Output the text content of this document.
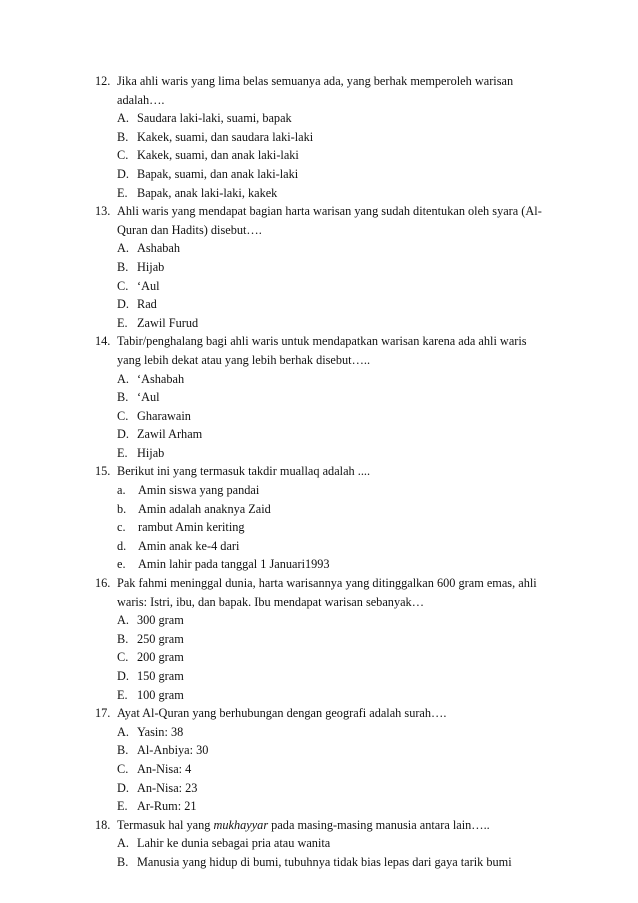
12. Jika ahli waris yang lima belas semuanya ada, yang berhak memperoleh warisan
adalah….
A. Saudara laki-laki, suami, bapak
B. Kakek, suami, dan saudara laki-laki
C. Kakek, suami, dan anak laki-laki
D. Bapak, suami, dan anak laki-laki
E. Bapak, anak laki-laki, kakek
13. Ahli waris yang mendapat bagian harta warisan yang sudah ditentukan oleh syara (Al-
Quran dan Hadits) disebut….
A. Ashabah
B. Hijab
C. ‘Aul
D. Rad
E. Zawil Furud
14. Tabir/penghalang bagi ahli waris untuk mendapatkan warisan karena ada ahli waris
yang lebih dekat atau yang lebih berhak disebut…..
A. ‘Ashabah
B. ‘Aul
C. Gharawain
D. Zawil Arham
E. Hijab
15. Berikut ini yang termasuk takdir muallaq adalah ....
a. Amin siswa yang pandai
b. Amin adalah anaknya Zaid
c. rambut Amin keriting
d. Amin anak ke-4 dari
e. Amin lahir pada tanggal 1 Januari1993
16. Pak fahmi meninggal dunia, harta warisannya yang ditinggalkan 600 gram emas, ahli
waris: Istri, ibu, dan bapak. Ibu mendapat warisan sebanyak…
A. 300 gram
B. 250 gram
C. 200 gram
D. 150 gram
E. 100 gram
17. Ayat Al-Quran yang berhubungan dengan geografi adalah surah….
A. Yasin: 38
B. Al-Anbiya: 30
C. An-Nisa: 4
D. An-Nisa: 23
E. Ar-Rum: 21
18. Termasuk hal yang mukhayyar pada masing-masing manusia antara lain…..
A. Lahir ke dunia sebagai pria atau wanita
B. Manusia yang hidup di bumi, tubuhnya tidak bias lepas dari gaya tarik bumi
